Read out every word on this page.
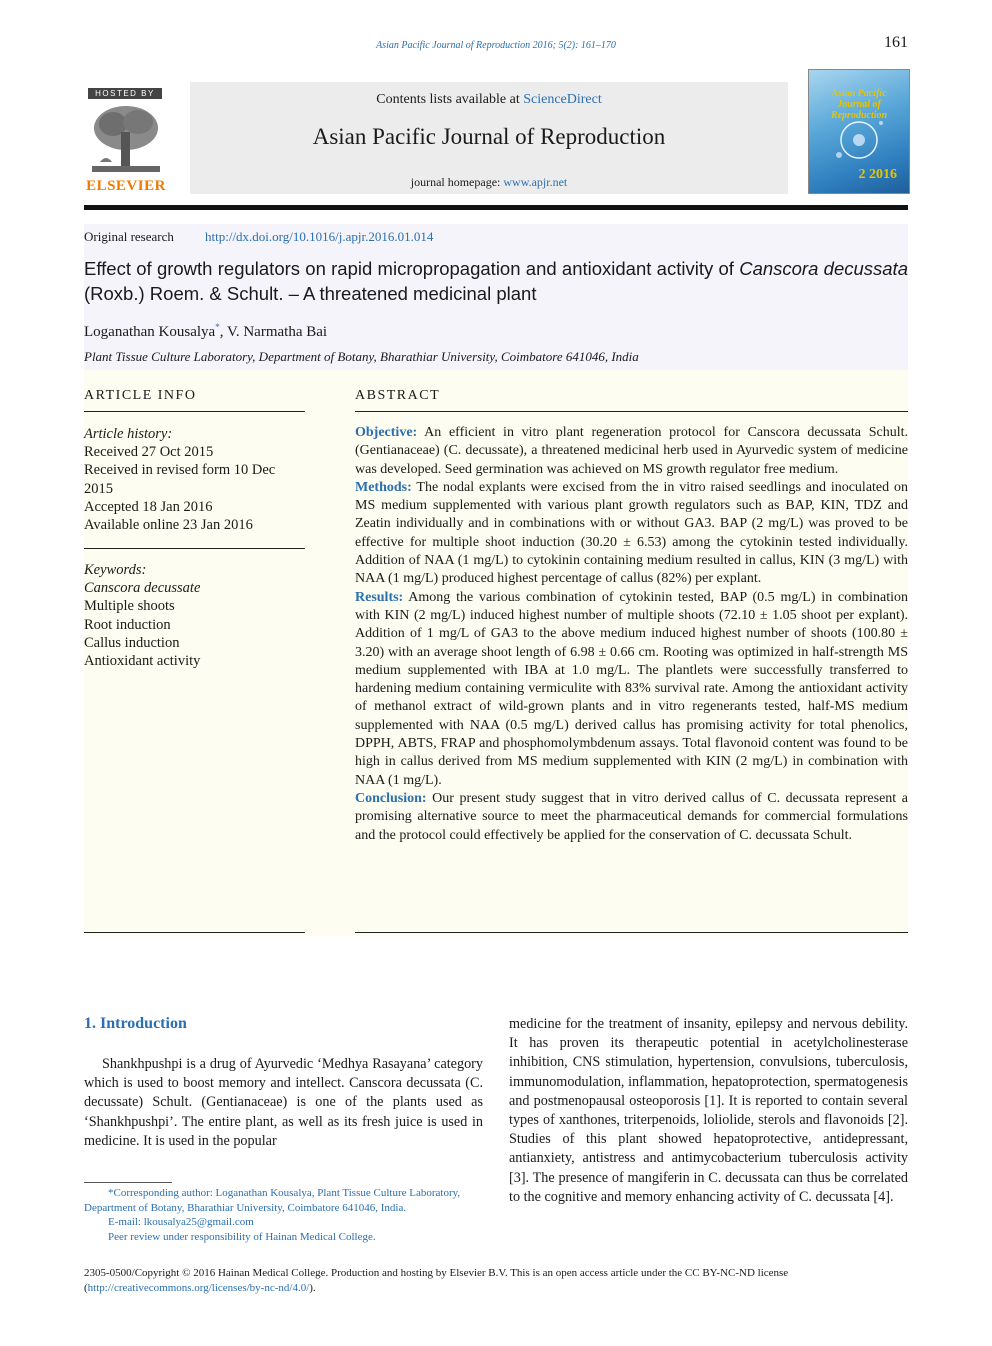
Asian Pacific Journal of Reproduction 2016; 5(2): 161–170	161
HOSTED BY
ELSEVIER
Contents lists available at ScienceDirect
Asian Pacific Journal of Reproduction
journal homepage: www.apjr.net
Asian Pacific Journal of Reproduction
2 2016
Original research http://dx.doi.org/10.1016/j.apjr.2016.01.014
Effect of growth regulators on rapid micropropagation and antioxidant activity of Canscora decussata (Roxb.) Roem. & Schult. – A threatened medicinal plant
Loganathan Kousalya*, V. Narmatha Bai
Plant Tissue Culture Laboratory, Department of Botany, Bharathiar University, Coimbatore 641046, India
ARTICLE INFO
Article history:
Received 27 Oct 2015
Received in revised form 10 Dec 2015
Accepted 18 Jan 2016
Available online 23 Jan 2016
Keywords:
Canscora decussate
Multiple shoots
Root induction
Callus induction
Antioxidant activity
ABSTRACT
Objective: An efficient in vitro plant regeneration protocol for Canscora decussata Schult. (Gentianaceae) (C. decussate), a threatened medicinal herb used in Ayurvedic system of medicine was developed. Seed germination was achieved on MS growth regulator free medium.
Methods: The nodal explants were excised from the in vitro raised seedlings and inoculated on MS medium supplemented with various plant growth regulators such as BAP, KIN, TDZ and Zeatin individually and in combinations with or without GA3. BAP (2 mg/L) was proved to be effective for multiple shoot induction (30.20 ± 6.53) among the cytokinin tested individually. Addition of NAA (1 mg/L) to cytokinin containing medium resulted in callus, KIN (3 mg/L) with NAA (1 mg/L) produced highest percentage of callus (82%) per explant.
Results: Among the various combination of cytokinin tested, BAP (0.5 mg/L) in combination with KIN (2 mg/L) induced highest number of multiple shoots (72.10 ± 1.05 shoot per explant). Addition of 1 mg/L of GA3 to the above medium induced highest number of shoots (100.80 ± 3.20) with an average shoot length of 6.98 ± 0.66 cm. Rooting was optimized in half-strength MS medium supplemented with IBA at 1.0 mg/L. The plantlets were successfully transferred to hardening medium containing vermiculite with 83% survival rate. Among the antioxidant activity of methanol extract of wild-grown plants and in vitro regenerants tested, half-MS medium supplemented with NAA (0.5 mg/L) derived callus has promising activity for total phenolics, DPPH, ABTS, FRAP and phosphomolymbdenum assays. Total flavonoid content was found to be high in callus derived from MS medium supplemented with KIN (2 mg/L) in combination with NAA (1 mg/L).
Conclusion: Our present study suggest that in vitro derived callus of C. decussata represent a promising alternative source to meet the pharmaceutical demands for commercial formulations and the protocol could effectively be applied for the conservation of C. decussata Schult.
1. Introduction
Shankhpushpi is a drug of Ayurvedic ‘Medhya Rasayana’ category which is used to boost memory and intellect. Canscora decussata (C. decussate) Schult. (Gentianaceae) is one of the plants used as ‘Shankhpushpi’. The entire plant, as well as its fresh juice is used in medicine. It is used in the popular
medicine for the treatment of insanity, epilepsy and nervous debility. It has proven its therapeutic potential in acetylcholinesterase inhibition, CNS stimulation, hypertension, convulsions, tuberculosis, immunomodulation, inflammation, hepatoprotection, spermatogenesis and postmenopausal osteoporosis [1]. It is reported to contain several types of xanthones, triterpenoids, loliolide, sterols and flavonoids [2]. Studies of this plant showed hepatoprotective, antidepressant, antianxiety, antistress and antimycobacterium tuberculosis activity [3]. The presence of mangiferin in C. decussata can thus be correlated to the cognitive and memory enhancing activity of C. decussata [4].
*Corresponding author: Loganathan Kousalya, Plant Tissue Culture Laboratory, Department of Botany, Bharathiar University, Coimbatore 641046, India.
E-mail: lkousalya25@gmail.com
Peer review under responsibility of Hainan Medical College.
2305-0500/Copyright © 2016 Hainan Medical College. Production and hosting by Elsevier B.V. This is an open access article under the CC BY-NC-ND license (http://creativecommons.org/licenses/by-nc-nd/4.0/).
